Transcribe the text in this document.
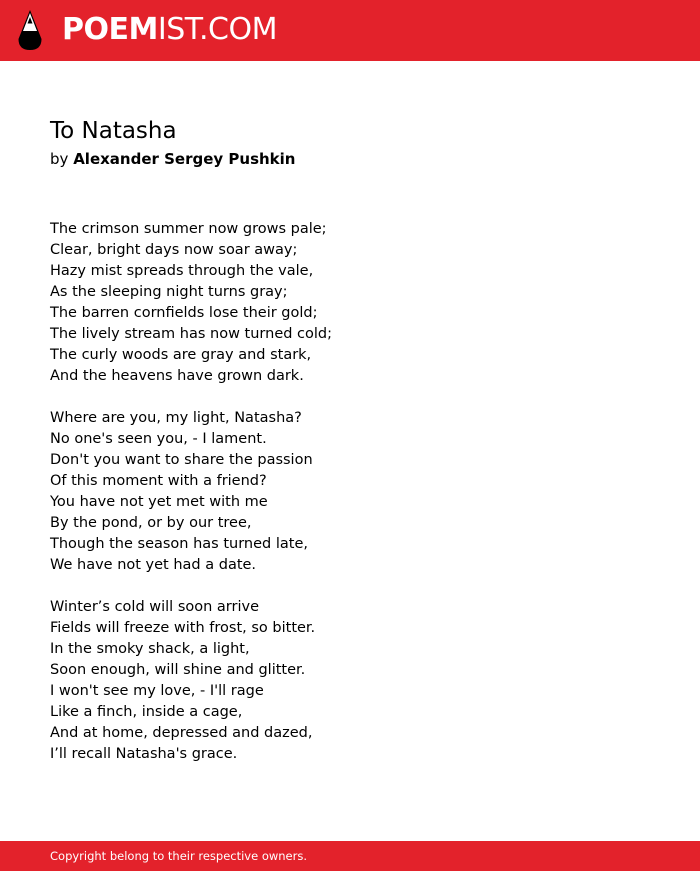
POEMIST.COM
To Natasha
by Alexander Sergey Pushkin
The crimson summer now grows pale;
Clear, bright days now soar away;
Hazy mist spreads through the vale,
As the sleeping night turns gray;
The barren cornfields lose their gold;
The lively stream has now turned cold;
The curly woods are gray and stark,
And the heavens have grown dark.
Where are you, my light, Natasha?
No one's seen you, - I lament.
Don't you want to share the passion
Of this moment with a friend?
You have not yet met with me
By the pond, or by our tree,
Though the season has turned late,
We have not yet had a date.
Winter’s cold will soon arrive
Fields will freeze with frost, so bitter.
In the smoky shack, a light,
Soon enough, will shine and glitter.
I won't see my love, - I'll rage
Like a finch, inside a cage,
And at home, depressed and dazed,
I’ll recall Natasha's grace.
Copyright belong to their respective owners.
